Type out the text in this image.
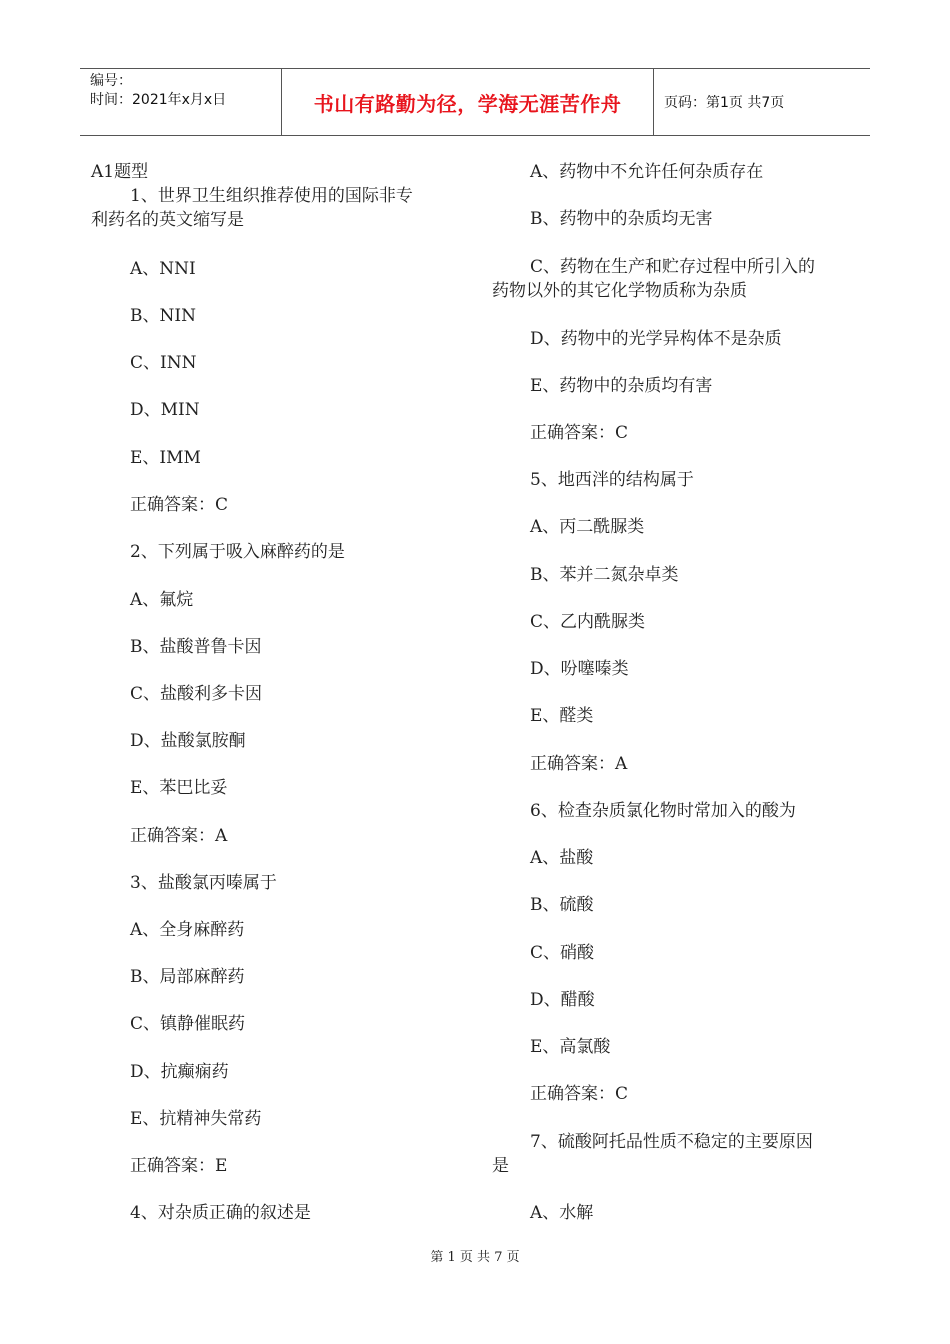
编号：
时间：2021年x月x日	书山有路勤为径，学海无涯苦作舟	页码：第1页 共7页
A1题型
1、世界卫生组织推荐使用的国际非专
利药名的英文缩写是
A、NNI
B、NIN
C、INN
D、MIN
E、IMM
正确答案：C
2、下列属于吸入麻醉药的是
A、氟烷
B、盐酸普鲁卡因
C、盐酸利多卡因
D、盐酸氯胺酮
E、苯巴比妥
正确答案：A
3、盐酸氯丙嗪属于
A、全身麻醉药
B、局部麻醉药
C、镇静催眠药
D、抗癫痫药
E、抗精神失常药
正确答案：E
4、对杂质正确的叙述是
A、药物中不允许任何杂质存在
B、药物中的杂质均无害
C、药物在生产和贮存过程中所引入的
药物以外的其它化学物质称为杂质
D、药物中的光学异构体不是杂质
E、药物中的杂质均有害
正确答案：C
5、地西泮的结构属于
A、丙二酰脲类
B、苯并二氮杂卓类
C、乙内酰脲类
D、吩噻嗪类
E、醛类
正确答案：A
6、检查杂质氯化物时常加入的酸为
A、盐酸
B、硫酸
C、硝酸
D、醋酸
E、高氯酸
正确答案：C
7、硫酸阿托品性质不稳定的主要原因
是
A、水解
第 1 页 共 7 页
